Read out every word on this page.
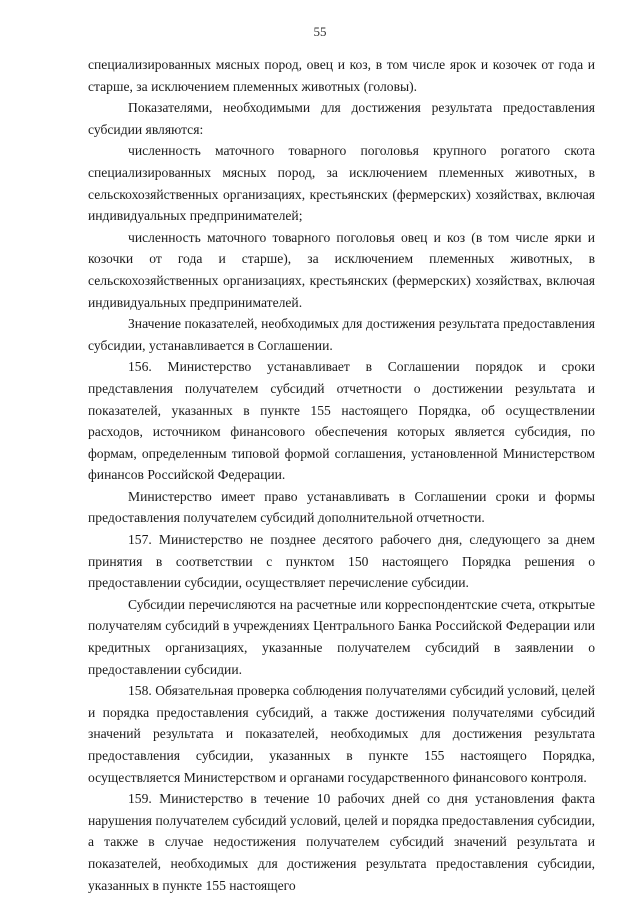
55

специализированных мясных пород, овец и коз, в том числе ярок и козочек от года и старше, за исключением племенных животных (головы).

Показателями, необходимыми для достижения результата предоставления субсидии являются:

численность маточного товарного поголовья крупного рогатого скота специализированных мясных пород, за исключением племенных животных, в сельскохозяйственных организациях, крестьянских (фермерских) хозяйствах, включая индивидуальных предпринимателей;

численность маточного товарного поголовья овец и коз (в том числе ярки и козочки от года и старше), за исключением племенных животных, в сельскохозяйственных организациях, крестьянских (фермерских) хозяйствах, включая индивидуальных предпринимателей.

Значение показателей, необходимых для достижения результата предоставления субсидии, устанавливается в Соглашении.

156. Министерство устанавливает в Соглашении порядок и сроки представления получателем субсидий отчетности о достижении результата и показателей, указанных в пункте 155 настоящего Порядка, об осуществлении расходов, источником финансового обеспечения которых является субсидия, по формам, определенным типовой формой соглашения, установленной Министерством финансов Российской Федерации.

Министерство имеет право устанавливать в Соглашении сроки и формы предоставления получателем субсидий дополнительной отчетности.

157. Министерство не позднее десятого рабочего дня, следующего за днем принятия в соответствии с пунктом 150 настоящего Порядка решения о предоставлении субсидии, осуществляет перечисление субсидии.

Субсидии перечисляются на расчетные или корреспондентские счета, открытые получателям субсидий в учреждениях Центрального Банка Российской Федерации или кредитных организациях, указанные получателем субсидий в заявлении о предоставлении субсидии.

158. Обязательная проверка соблюдения получателями субсидий условий, целей и порядка предоставления субсидий, а также достижения получателями субсидий значений результата и показателей, необходимых для достижения результата предоставления субсидии, указанных в пункте 155 настоящего Порядка, осуществляется Министерством и органами государственного финансового контроля.

159. Министерство в течение 10 рабочих дней со дня установления факта нарушения получателем субсидий условий, целей и порядка предоставления субсидии, а также в случае недостижения получателем субсидий значений результата и показателей, необходимых для достижения результата предоставления субсидии, указанных в пункте 155 настоящего
